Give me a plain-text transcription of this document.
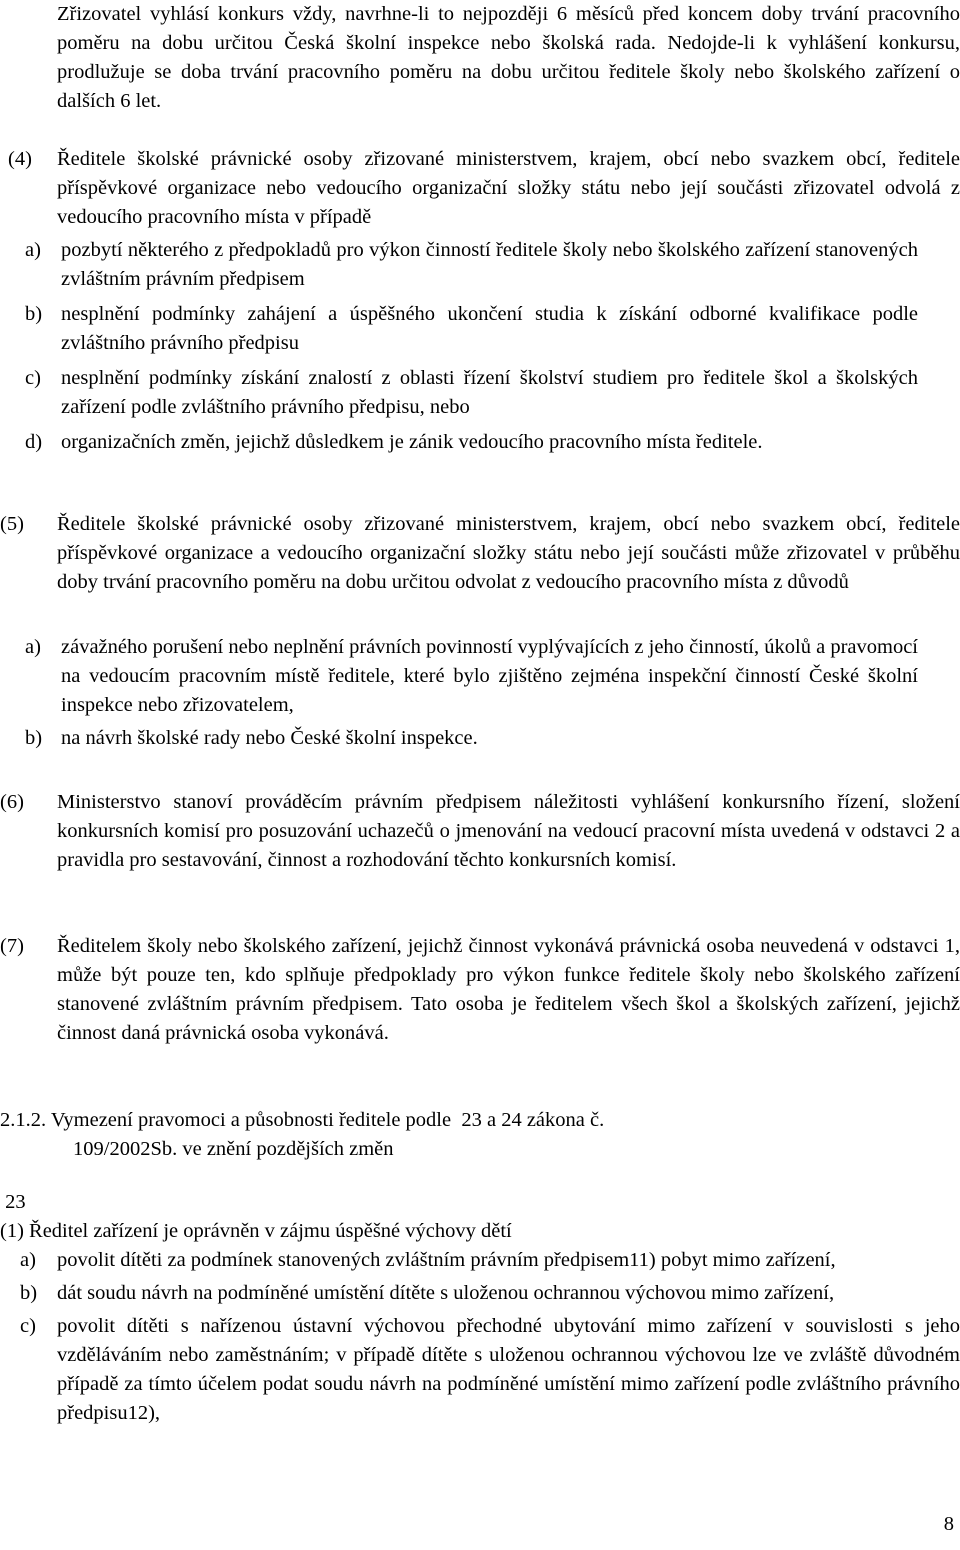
Zřizovatel vyhlásí konkurs vždy, navrhne-li to nejpozději 6 měsíců před koncem doby trvání pracovního poměru na dobu určitou Česká školní inspekce nebo školská rada. Nedojde-li k vyhlášení konkursu, prodlužuje se doba trvání pracovního poměru na dobu určitou ředitele školy nebo školského zařízení o dalších 6 let.

(4) Ředitele školské právnické osoby zřizované ministerstvem, krajem, obcí nebo svazkem obcí, ředitele příspěvkové organizace nebo vedoucího organizační složky státu nebo její součásti zřizovatel odvolá z vedoucího pracovního místa v případě

a) pozbytí některého z předpokladů pro výkon činností ředitele školy nebo školského zařízení stanovených zvláštním právním předpisem

b) nesplnění podmínky zahájení a úspěšného ukončení studia k získání odborné kvalifikace podle zvláštního právního předpisu

c) nesplnění podmínky získání znalostí z oblasti řízení školství studiem pro ředitele škol a školských zařízení podle zvláštního právního předpisu, nebo

d) organizačních změn, jejichž důsledkem je zánik vedoucího pracovního místa ředitele.

(5) Ředitele školské právnické osoby zřizované ministerstvem, krajem, obcí nebo svazkem obcí, ředitele příspěvkové organizace a vedoucího organizační složky státu nebo její součásti může zřizovatel v průběhu doby trvání pracovního poměru na dobu určitou odvolat z vedoucího pracovního místa z důvodů

a) závažného porušení nebo neplnění právních povinností vyplývajících z jeho činností, úkolů a pravomocí na vedoucím pracovním místě ředitele, které bylo zjištěno zejména inspekční činností České školní inspekce nebo zřizovatelem,

b) na návrh školské rady nebo České školní inspekce.

(6) Ministerstvo stanoví prováděcím právním předpisem náležitosti vyhlášení konkursního řízení, složení konkursních komisí pro posuzování uchazečů o jmenování na vedoucí pracovní místa uvedená v odstavci 2 a pravidla pro sestavování, činnost a rozhodování těchto konkursních komisí.

(7) Ředitelem školy nebo školského zařízení, jejichž činnost vykonává právnická osoba neuvedená v odstavci 1, může být pouze ten, kdo splňuje předpoklady pro výkon funkce ředitele školy nebo školského zařízení stanovené zvláštním právním předpisem. Tato osoba je ředitelem všech škol a školských zařízení, jejichž činnost daná právnická osoba vykonává.

2.1.2. Vymezení pravomoci a působnosti ředitele podle  23 a 24 zákona č.
109/2002Sb. ve znění pozdějších změn
23
(1) Ředitel zařízení je oprávněn v zájmu úspěšné výchovy dětí
a) povolit dítěti za podmínek stanovených zvláštním právním předpisem11) pobyt mimo zařízení,

b) dát soudu návrh na podmíněné umístění dítěte s uloženou ochrannou výchovou mimo zařízení,

c) povolit dítěti s nařízenou ústavní výchovou přechodné ubytování mimo zařízení v souvislosti s jeho vzděláváním nebo zaměstnáním; v případě dítěte s uloženou ochrannou výchovou lze ve zvláště důvodném případě za tímto účelem podat soudu návrh na podmíněné umístění mimo zařízení podle zvláštního právního předpisu12),

8
